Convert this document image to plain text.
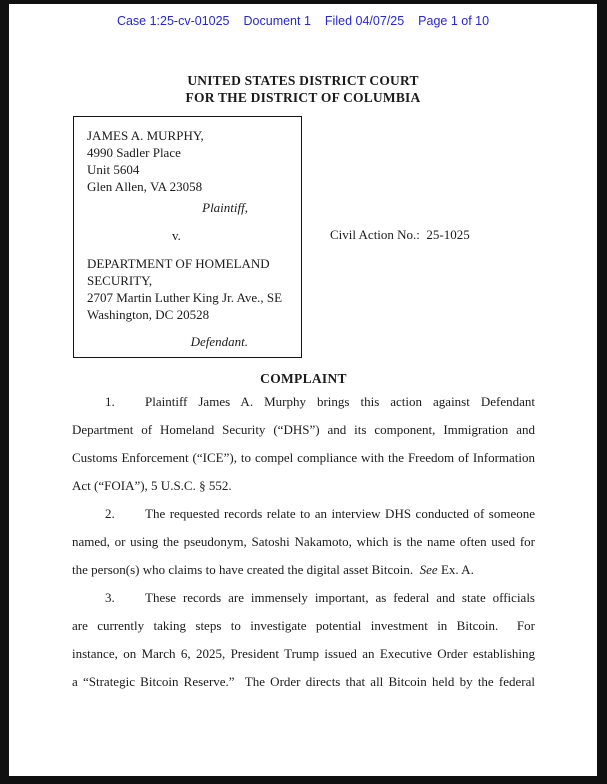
Case 1:25-cv-01025 Document 1 Filed 04/07/25 Page 1 of 10
UNITED STATES DISTRICT COURT
FOR THE DISTRICT OF COLUMBIA
JAMES A. MURPHY,
4990 Sadler Place
Unit 5604
Glen Allen, VA 23058
Plaintiff,
v.
DEPARTMENT OF HOMELAND
SECURITY,
2707 Martin Luther King Jr. Ave., SE
Washington, DC 20528
Defendant.
Civil Action No.:  25-1025
COMPLAINT
1. Plaintiff James A. Murphy brings this action against Defendant
Department of Homeland Security (“DHS”) and its component, Immigration and
Customs Enforcement (“ICE”), to compel compliance with the Freedom of Information
Act (“FOIA”), 5 U.S.C. § 552.
2. The requested records relate to an interview DHS conducted of someone
named, or using the pseudonym, Satoshi Nakamoto, which is the name often used for
the person(s) who claims to have created the digital asset Bitcoin.  See Ex. A.
3. These records are immensely important, as federal and state officials
are currently taking steps to investigate potential investment in Bitcoin.  For
instance, on March 6, 2025, President Trump issued an Executive Order establishing
a “Strategic Bitcoin Reserve.”  The Order directs that all Bitcoin held by the federal
